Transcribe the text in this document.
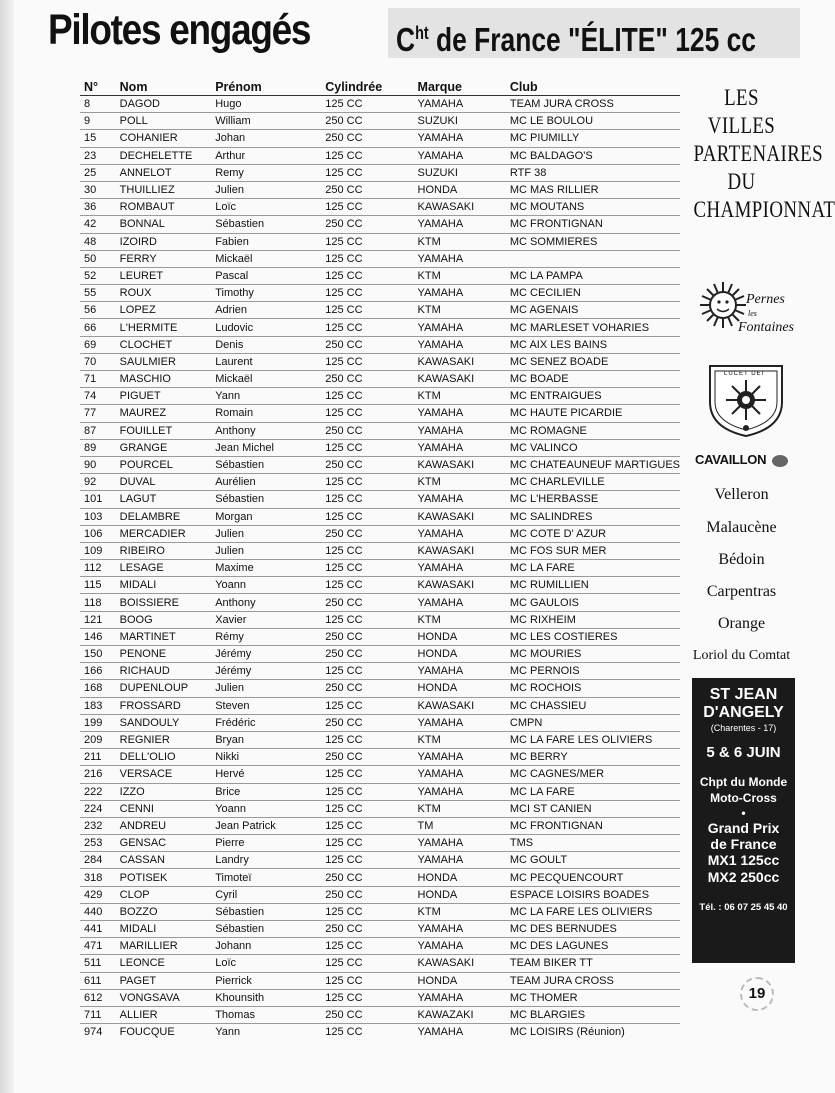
Pilotes engagés	$C^{ht}$ de France "ÉLITE" 125 cc
N°	Nom	Prénom	Cylindrée	Marque	Club
8	DAGOD	Hugo	125 CC	YAMAHA	TEAM JURA CROSS
9	POLL	William	250 CC	SUZUKI	MC LE BOULOU
15	COHANIER	Johan	250 CC	YAMAHA	MC PIUMILLY
23	DECHELETTE	Arthur	125 CC	YAMAHA	MC BALDAGO'S
25	ANNELOT	Remy	125 CC	SUZUKI	RTF 38
30	THUILLIEZ	Julien	250 CC	HONDA	MC MAS RILLIER
36	ROMBAUT	Loïc	125 CC	KAWASAKI	MC MOUTANS
42	BONNAL	Sébastien	250 CC	YAMAHA	MC FRONTIGNAN
48	IZOIRD	Fabien	125 CC	KTM	MC SOMMIERES
50	FERRY	Mickaël	125 CC	YAMAHA	
52	LEURET	Pascal	125 CC	KTM	MC LA PAMPA
55	ROUX	Timothy	125 CC	YAMAHA	MC CECILIEN
56	LOPEZ	Adrien	125 CC	KTM	MC AGENAIS
66	L'HERMITE	Ludovic	125 CC	YAMAHA	MC MARLESET VOHARIES
69	CLOCHET	Denis	250 CC	YAMAHA	MC AIX LES BAINS
70	SAULMIER	Laurent	125 CC	KAWASAKI	MC SENEZ BOADE
71	MASCHIO	Mickaël	250 CC	KAWASAKI	MC BOADE
74	PIGUET	Yann	125 CC	KTM	MC ENTRAIGUES
77	MAUREZ	Romain	125 CC	YAMAHA	MC HAUTE PICARDIE
87	FOUILLET	Anthony	250 CC	YAMAHA	MC ROMAGNE
89	GRANGE	Jean Michel	125 CC	YAMAHA	MC VALINCO
90	POURCEL	Sébastien	250 CC	KAWASAKI	MC CHATEAUNEUF MARTIGUES
92	DUVAL	Aurélien	125 CC	KTM	MC CHARLEVILLE
101	LAGUT	Sébastien	125 CC	YAMAHA	MC L'HERBASSE
103	DELAMBRE	Morgan	125 CC	KAWASAKI	MC SALINDRES
106	MERCADIER	Julien	250 CC	YAMAHA	MC COTE D' AZUR
109	RIBEIRO	Julien	125 CC	KAWASAKI	MC FOS SUR MER
112	LESAGE	Maxime	125 CC	YAMAHA	MC LA FARE
115	MIDALI	Yoann	125 CC	KAWASAKI	MC RUMILLIEN
118	BOISSIERE	Anthony	250 CC	YAMAHA	MC GAULOIS
121	BOOG	Xavier	125 CC	KTM	MC RIXHEIM
146	MARTINET	Rémy	250 CC	HONDA	MC LES COSTIERES
150	PENONE	Jérémy	250 CC	HONDA	MC MOURIES
166	RICHAUD	Jérémy	125 CC	YAMAHA	MC PERNOIS
168	DUPENLOUP	Julien	250 CC	HONDA	MC ROCHOIS
183	FROSSARD	Steven	125 CC	KAWASAKI	MC CHASSIEU
199	SANDOULY	Frédéric	250 CC	YAMAHA	CMPN
209	REGNIER	Bryan	125 CC	KTM	MC LA FARE LES OLIVIERS
211	DELL'OLIO	Nikki	250 CC	YAMAHA	MC BERRY
216	VERSACE	Hervé	125 CC	YAMAHA	MC CAGNES/MER
222	IZZO	Brice	125 CC	YAMAHA	MC LA FARE
224	CENNI	Yoann	125 CC	KTM	MCI ST CANIEN
232	ANDREU	Jean Patrick	125 CC	TM	MC FRONTIGNAN
253	GENSAC	Pierre	125 CC	YAMAHA	TMS
284	CASSAN	Landry	125 CC	YAMAHA	MC GOULT
318	POTISEK	Timoteï	250 CC	HONDA	MC PECQUENCOURT
429	CLOP	Cyril	250 CC	HONDA	ESPACE LOISIRS BOADES
440	BOZZO	Sébastien	125 CC	KTM	MC LA FARE LES OLIVIERS
441	MIDALI	Sébastien	250 CC	YAMAHA	MC DES BERNUDES
471	MARILLIER	Johann	125 CC	YAMAHA	MC DES LAGUNES
511	LEONCE	Loïc	125 CC	KAWASAKI	TEAM BIKER TT
611	PAGET	Pierrick	125 CC	HONDA	TEAM JURA CROSS
612	VONGSAVA	Khounsith	125 CC	YAMAHA	MC THOMER
711	ALLIER	Thomas	250 CC	KAWAZAKI	MC BLARGIES
974	FOUCQUE	Yann	125 CC	YAMAHA	MC LOISIRS (Réunion)
LES
VILLES
PARTENAIRES
DU
CHAMPIONNAT
Pernes
les
Fontaines
LUCET DEI
CAVAILLON
Velleron
Malaucène
Bédoin
Carpentras
Orange
Loriol du Comtat
ST JEAN
D'ANGELY
(Charentes - 17)
5 & 6 JUIN
Chpt du Monde
Moto-Cross
•
Grand Prix
de France
MX1 125cc
MX2 250cc
Tél. : 06 07 25 45 40
19
